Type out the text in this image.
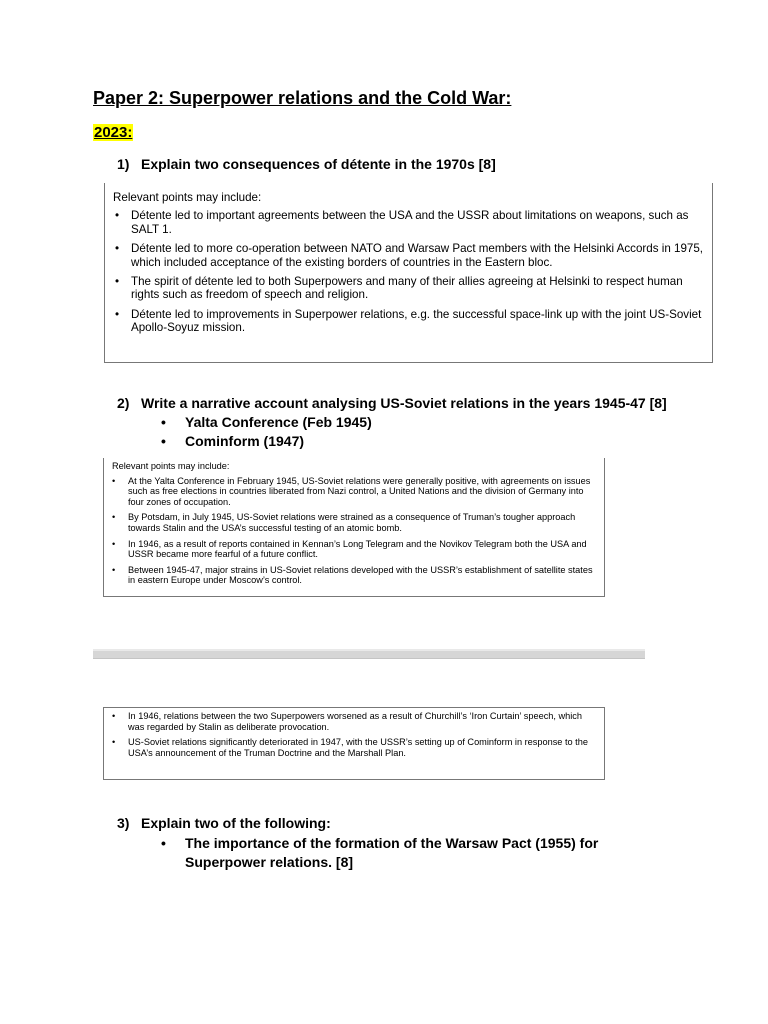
Paper 2: Superpower relations and the Cold War:
2023:
1) Explain two consequences of détente in the 1970s [8]
Relevant points may include:
• Détente led to important agreements between the USA and the USSR about limitations on weapons, such as SALT 1.
• Détente led to more co-operation between NATO and Warsaw Pact members with the Helsinki Accords in 1975, which included acceptance of the existing borders of countries in the Eastern bloc.
• The spirit of détente led to both Superpowers and many of their allies agreeing at Helsinki to respect human rights such as freedom of speech and religion.
• Détente led to improvements in Superpower relations, e.g. the successful space-link up with the joint US-Soviet Apollo-Soyuz mission.
2) Write a narrative account analysing US-Soviet relations in the years 1945-47 [8]
• Yalta Conference (Feb 1945)
• Cominform (1947)
Relevant points may include:
• At the Yalta Conference in February 1945, US-Soviet relations were generally positive, with agreements on issues such as free elections in countries liberated from Nazi control, a United Nations and the division of Germany into four zones of occupation.
• By Potsdam, in July 1945, US-Soviet relations were strained as a consequence of Truman’s tougher approach towards Stalin and the USA’s successful testing of an atomic bomb.
• In 1946, as a result of reports contained in Kennan’s Long Telegram and the Novikov Telegram both the USA and USSR became more fearful of a future conflict.
• Between 1945-47, major strains in US-Soviet relations developed with the USSR’s establishment of satellite states in eastern Europe under Moscow’s control.
• In 1946, relations between the two Superpowers worsened as a result of Churchill’s ‘Iron Curtain’ speech, which was regarded by Stalin as deliberate provocation.
• US-Soviet relations significantly deteriorated in 1947, with the USSR’s setting up of Cominform in response to the USA’s announcement of the Truman Doctrine and the Marshall Plan.
3) Explain two of the following:
•	The importance of the formation of the Warsaw Pact (1955) for Superpower relations. [8]
